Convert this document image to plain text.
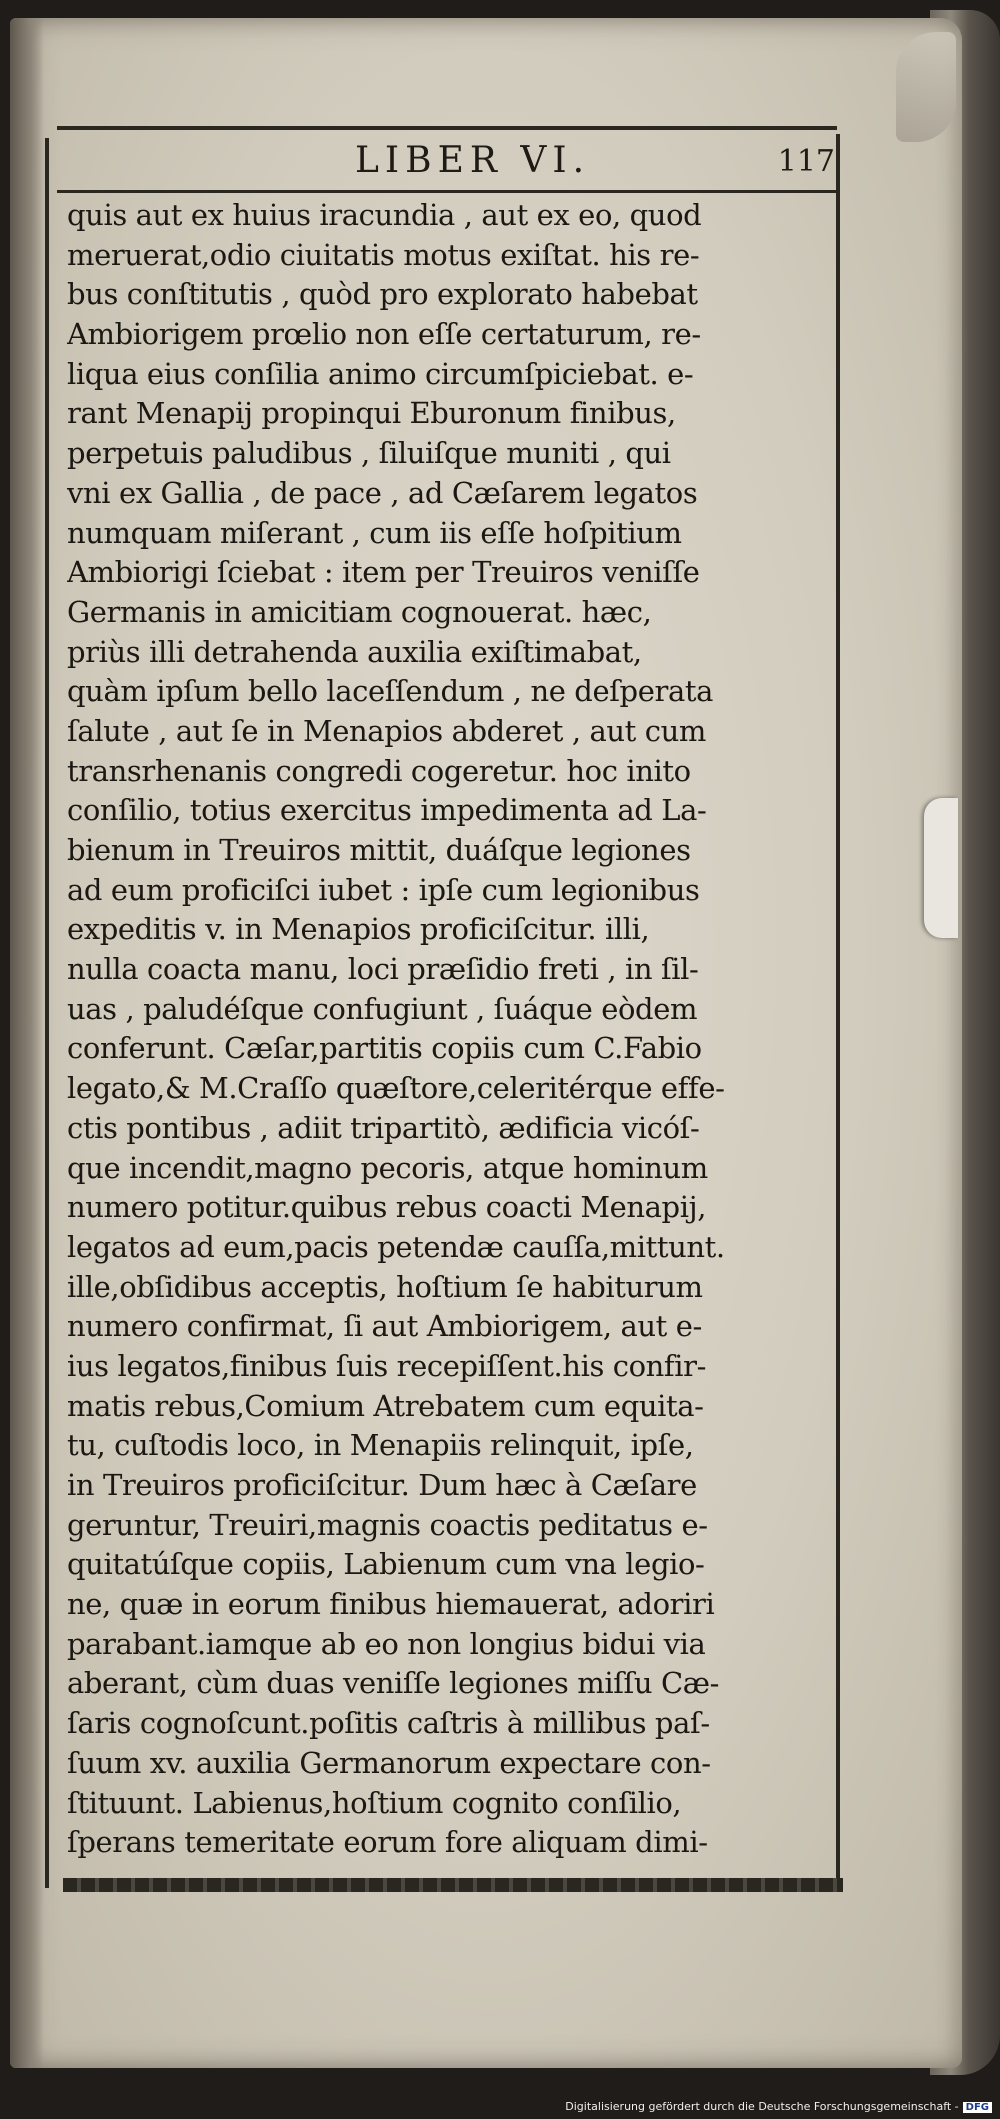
LIBER VI.	117
quis aut ex huius iracundia , aut ex eo, quod
meruerat,odio ciuitatis motus exiſtat. his re-
bus conſtitutis , quòd pro explorato habebat
Ambiorigem prœlio non eſſe certaturum, re-
liqua eius conſilia animo circumſpiciebat. e-
rant Menapij propinqui Eburonum finibus,
perpetuis paludibus , ſiluiſque muniti , qui
vni ex Gallia , de pace , ad Cæſarem legatos
numquam miſerant , cum iis eſſe hoſpitium
Ambiorigi ſciebat : item per Treuiros veniſſe
Germanis in amicitiam cognouerat. hæc,
priùs illi detrahenda auxilia exiſtimabat,
quàm ipſum bello laceſſendum , ne deſperata
ſalute , aut ſe in Menapios abderet , aut cum
transrhenanis congredi cogeretur. hoc inito
conſilio, totius exercitus impedimenta ad La-
bienum in Treuiros mittit, duáſque legiones
ad eum proficiſci iubet : ipſe cum legionibus
expeditis v. in Menapios proficiſcitur. illi,
nulla coacta manu, loci præſidio freti , in ſil-
uas , paludéſque confugiunt , ſuáque eòdem
conferunt. Cæſar,partitis copiis cum C.Fabio
legato,& M.Craſſo quæſtore,celeritérque effe-
ctis pontibus , adiit tripartitò, ædificia vicóſ-
que incendit,magno pecoris, atque hominum
numero potitur.quibus rebus coacti Menapij,
legatos ad eum,pacis petendæ cauſſa,mittunt.
ille,obſidibus acceptis, hoſtium ſe habiturum
numero confirmat, ſi aut Ambiorigem, aut e-
ius legatos,finibus ſuis recepiſſent.his confir-
matis rebus,Comium Atrebatem cum equita-
tu, cuſtodis loco, in Menapiis relinquit, ipſe,
in Treuiros proficiſcitur. Dum hæc à Cæſare
geruntur, Treuiri,magnis coactis peditatus e-
quitatúſque copiis, Labienum cum vna legio-
ne, quæ in eorum finibus hiemauerat, adoriri
parabant.iamque ab eo non longius bidui via
aberant, cùm duas veniſſe legiones miſſu Cæ-
ſaris cognoſcunt.poſitis caſtris à millibus paſ-
ſuum xv. auxilia Germanorum expectare con-
ſtituunt. Labienus,hoſtium cognito conſilio,
ſperans temeritate eorum fore aliquam dimi-
Digitalisierung gefördert durch die Deutsche Forschungsgemeinschaft - DFG
